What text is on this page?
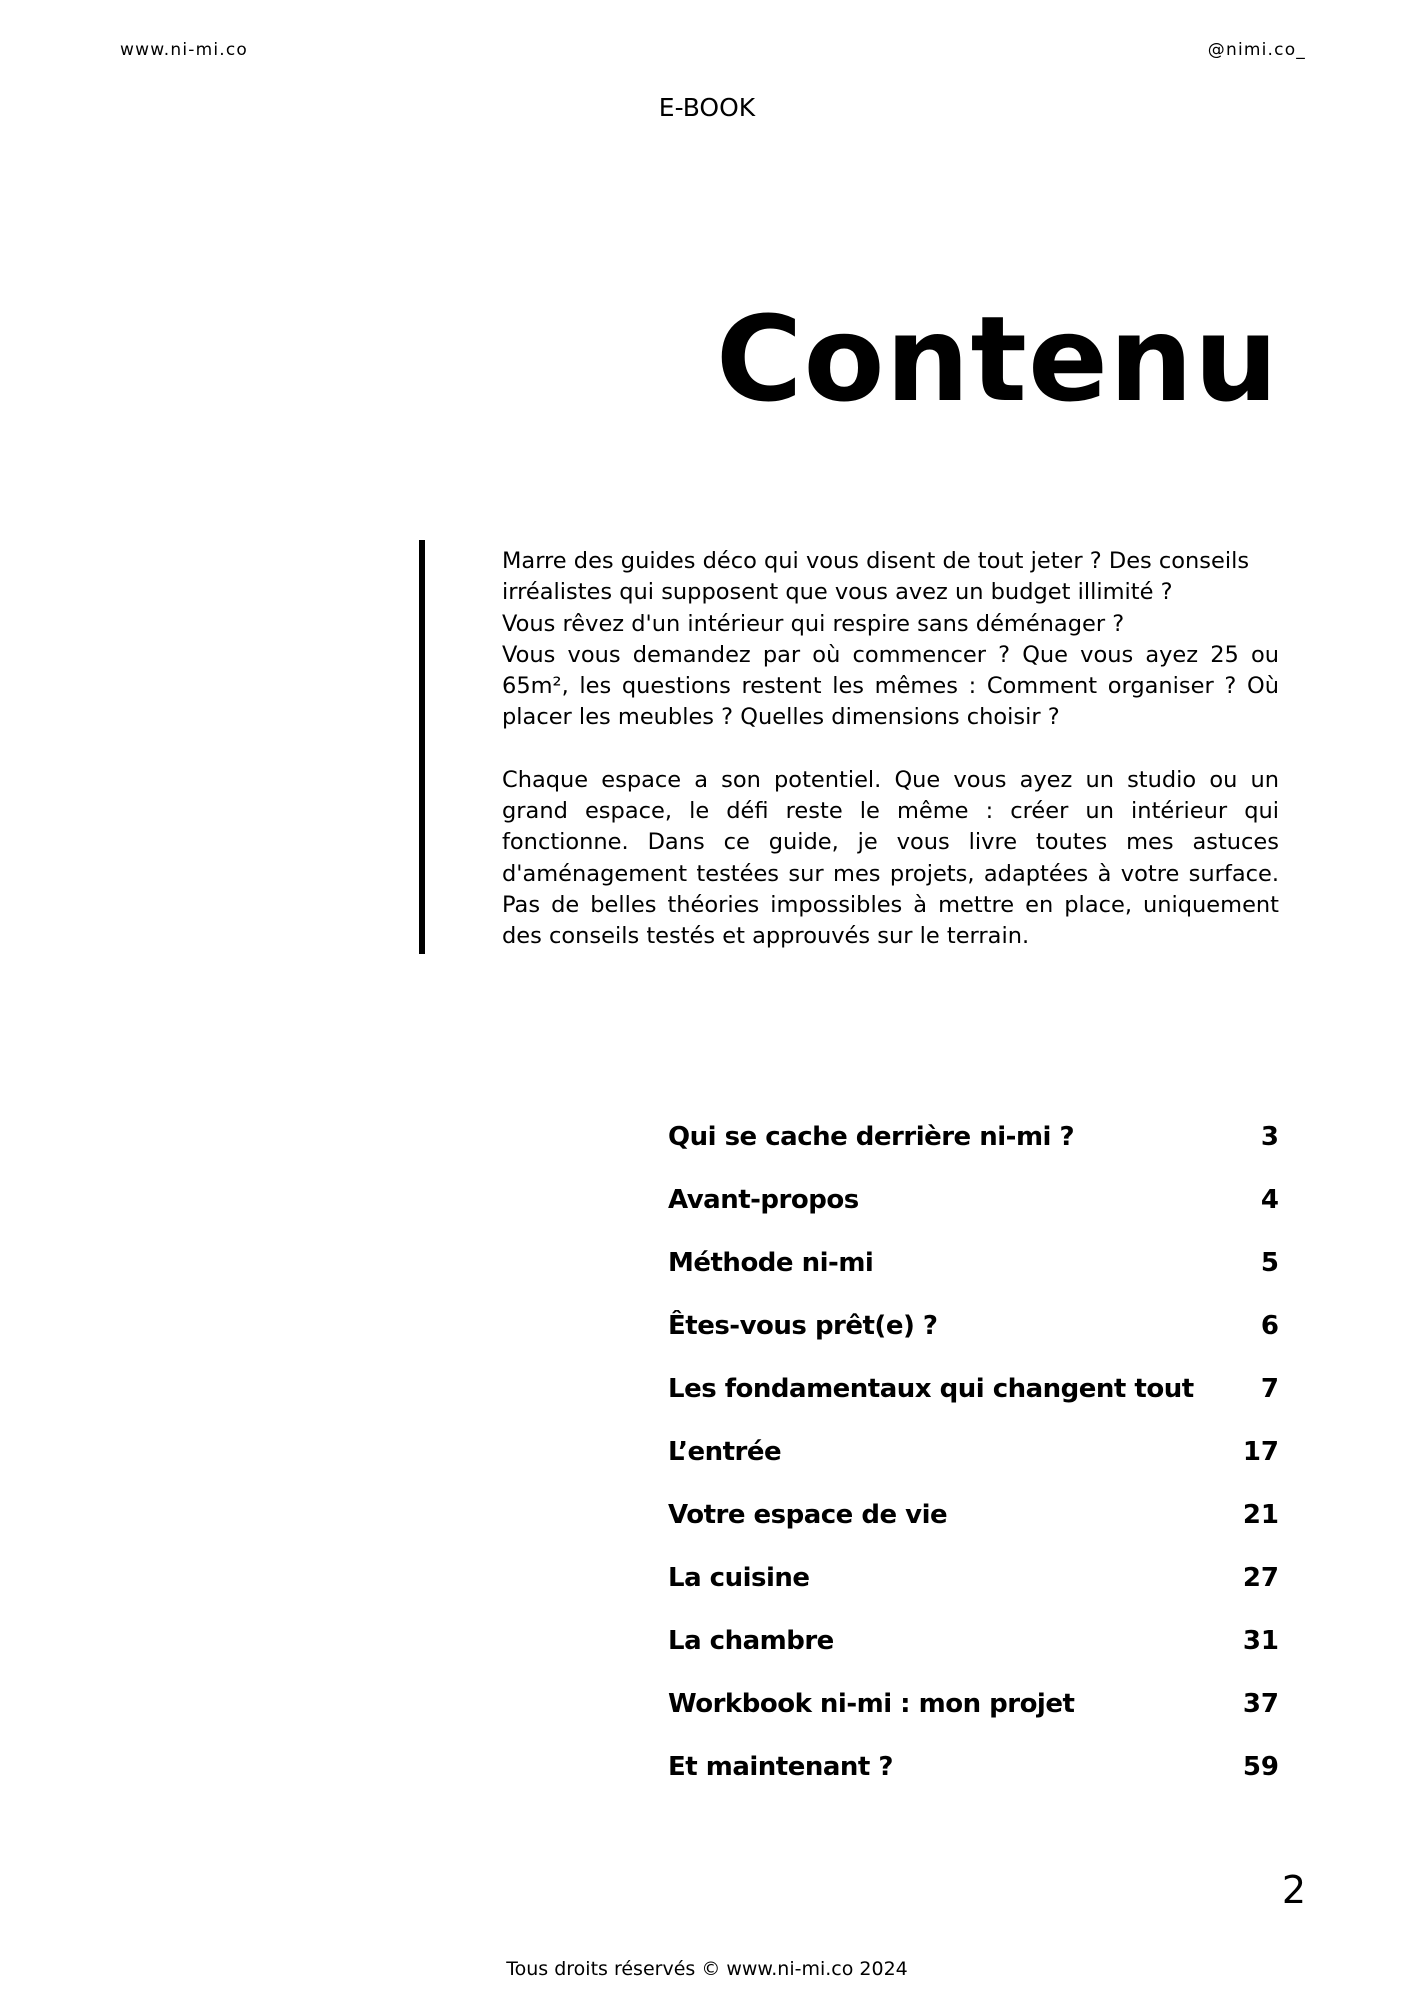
www.ni-mi.co	@nimi.co_
E-BOOK
Contenu

Marre des guides déco qui vous disent de tout jeter ? Des conseils irréalistes qui supposent que vous avez un budget illimité ?
Vous rêvez d'un intérieur qui respire sans déménager ?

Vous vous demandez par où commencer ? Que vous ayez 25 ou 65m², les questions restent les mêmes : Comment organiser ? Où placer les meubles ? Quelles dimensions choisir ?

Chaque espace a son potentiel. Que vous ayez un studio ou un grand espace, le défi reste le même : créer un intérieur qui fonctionne. Dans ce guide, je vous livre toutes mes astuces d'aménagement testées sur mes projets, adaptées à votre surface. Pas de belles théories impossibles à mettre en place, uniquement des conseils testés et approuvés sur le terrain.

Qui se cache derrière ni-mi ?	3
Avant-propos	4
Méthode ni-mi	5
Êtes-vous prêt(e) ?	6
Les fondamentaux qui changent tout	7
L’entrée	17
Votre espace de vie	21
La cuisine	27
La chambre	31
Workbook ni-mi : mon projet	37
Et maintenant ?	59
2
Tous droits réservés © www.ni-mi.co 2024
